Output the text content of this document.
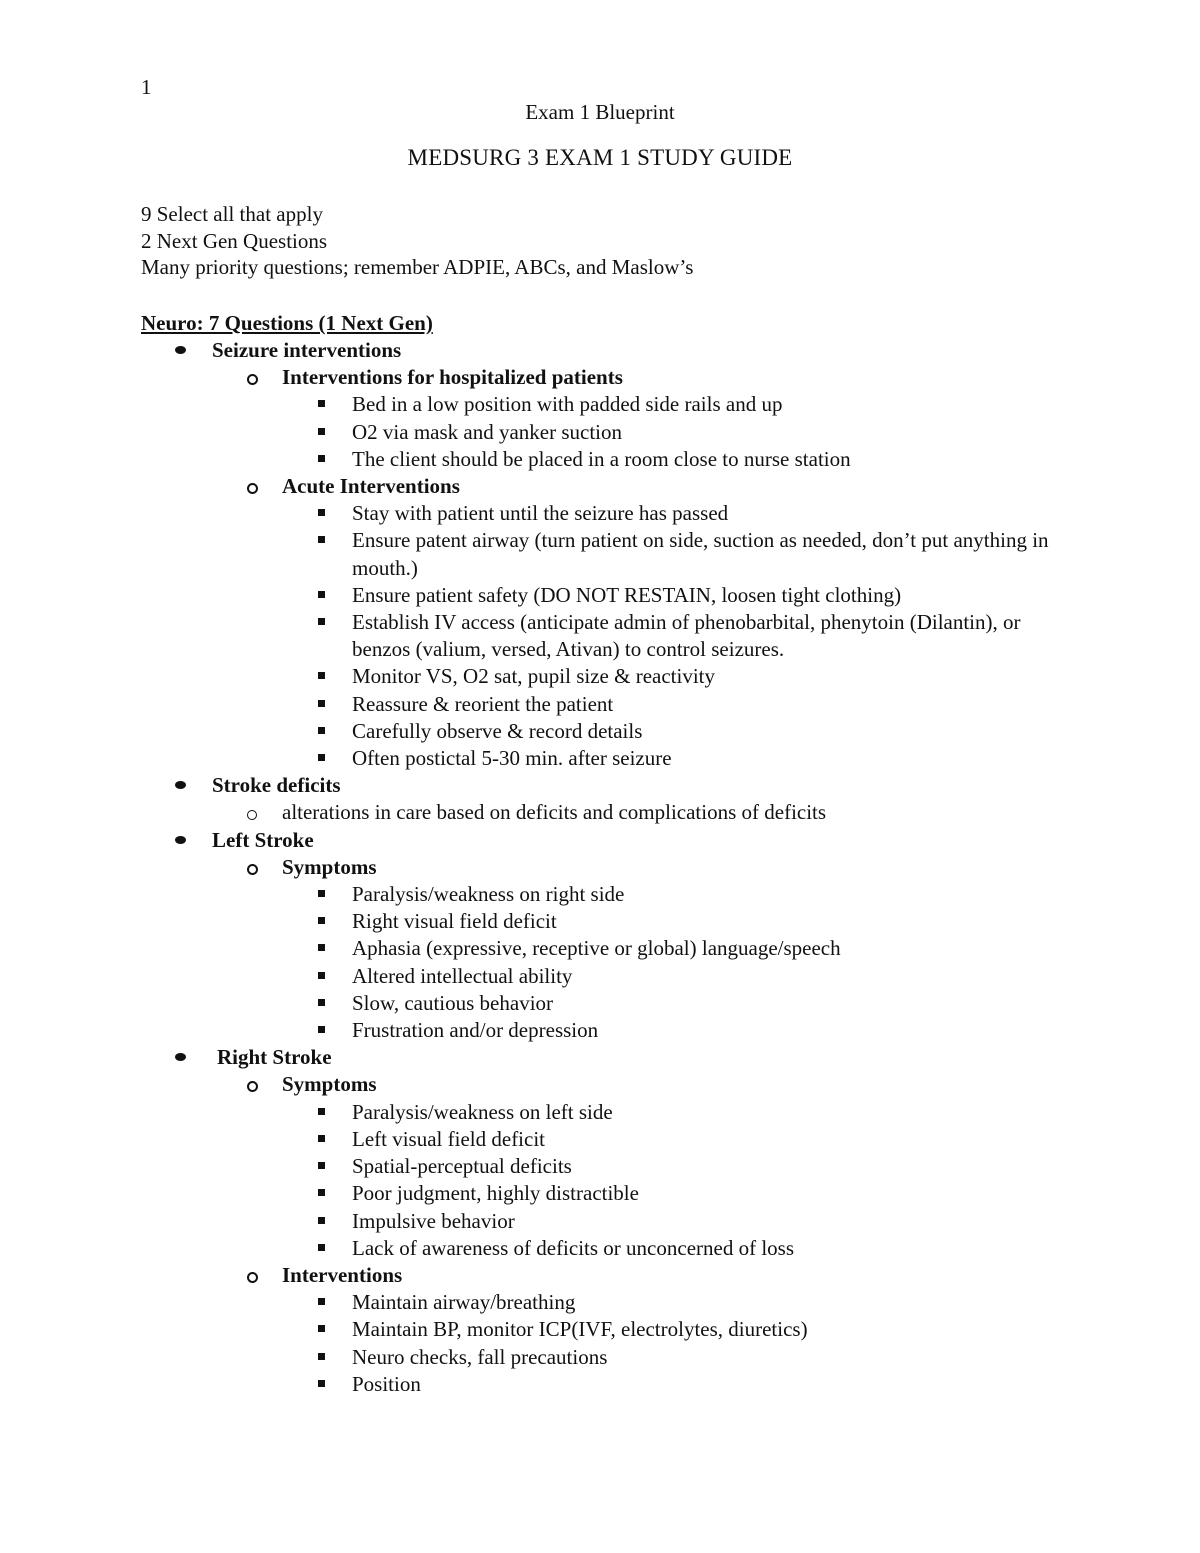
1
Exam 1 Blueprint
MEDSURG 3 EXAM 1 STUDY GUIDE
9 Select all that apply
2 Next Gen Questions
Many priority questions; remember ADPIE, ABCs, and Maslow’s
Neuro: 7 Questions (1 Next Gen)
Seizure interventions
Interventions for hospitalized patients
Bed in a low position with padded side rails and up
O2 via mask and yanker suction
The client should be placed in a room close to nurse station
Acute Interventions
Stay with patient until the seizure has passed
Ensure patent airway (turn patient on side, suction as needed, don’t put anything in mouth.)
Ensure patient safety (DO NOT RESTAIN, loosen tight clothing)
Establish IV access (anticipate admin of phenobarbital, phenytoin (Dilantin), or benzos (valium, versed, Ativan) to control seizures.
Monitor VS, O2 sat, pupil size & reactivity
Reassure & reorient the patient
Carefully observe & record details
Often postictal 5-30 min. after seizure
Stroke deficits
alterations in care based on deficits and complications of deficits
Left Stroke
Symptoms
Paralysis/weakness on right side
Right visual field deficit
Aphasia (expressive, receptive or global) language/speech
Altered intellectual ability
Slow, cautious behavior
Frustration and/or depression
Right Stroke
Symptoms
Paralysis/weakness on left side
Left visual field deficit
Spatial-perceptual deficits
Poor judgment, highly distractible
Impulsive behavior
Lack of awareness of deficits or unconcerned of loss
Interventions
Maintain airway/breathing
Maintain BP, monitor ICP(IVF, electrolytes, diuretics)
Neuro checks, fall precautions
Position
